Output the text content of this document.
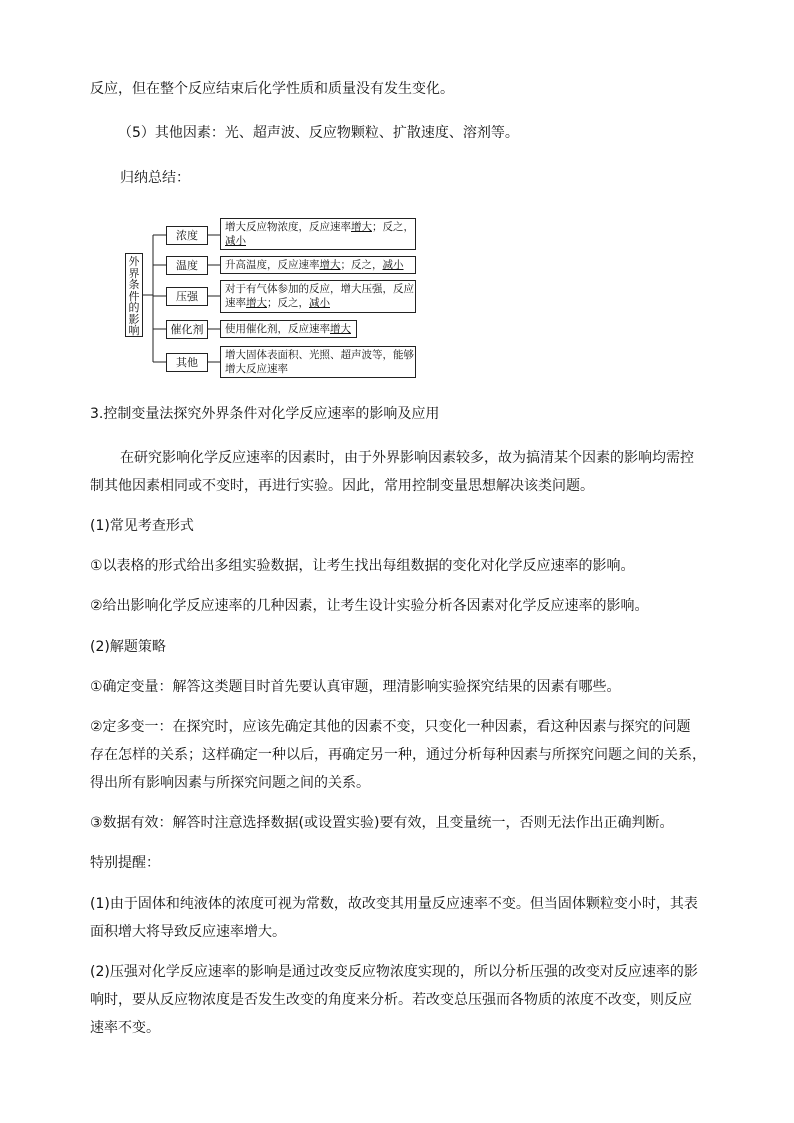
反应，但在整个反应结束后化学性质和质量没有发生变化。
（5）其他因素：光、超声波、反应物颗粒、扩散速度、溶剂等。
归纳总结：
外
界
条
件
的
影
响
浓度
温度
压强
催化剂
其他
增大反应物浓度，反应速率增大；反之，
减小
升高温度，反应速率增大；反之，减小
对于有气体参加的反应，增大压强，反应
速率增大；反之，减小
使用催化剂，反应速率增大
增大固体表面积、光照、超声波等，能够
增大反应速率
3.控制变量法探究外界条件对化学反应速率的影响及应用
在研究影响化学反应速率的因素时，由于外界影响因素较多，故为搞清某个因素的影响均需控
制其他因素相同或不变时，再进行实验。因此，常用控制变量思想解决该类问题。
(1)常见考查形式
①以表格的形式给出多组实验数据，让考生找出每组数据的变化对化学反应速率的影响。
②给出影响化学反应速率的几种因素，让考生设计实验分析各因素对化学反应速率的影响。
(2)解题策略
①确定变量：解答这类题目时首先要认真审题，理清影响实验探究结果的因素有哪些。
②定多变一：在探究时，应该先确定其他的因素不变，只变化一种因素，看这种因素与探究的问题
存在怎样的关系；这样确定一种以后，再确定另一种，通过分析每种因素与所探究问题之间的关系，
得出所有影响因素与所探究问题之间的关系。
③数据有效：解答时注意选择数据(或设置实验)要有效，且变量统一，否则无法作出正确判断。
特别提醒：
(1)由于固体和纯液体的浓度可视为常数，故改变其用量反应速率不变。但当固体颗粒变小时，其表
面积增大将导致反应速率增大。
(2)压强对化学反应速率的影响是通过改变反应物浓度实现的，所以分析压强的改变对反应速率的影
响时，要从反应物浓度是否发生改变的角度来分析。若改变总压强而各物质的浓度不改变，则反应
速率不变。
